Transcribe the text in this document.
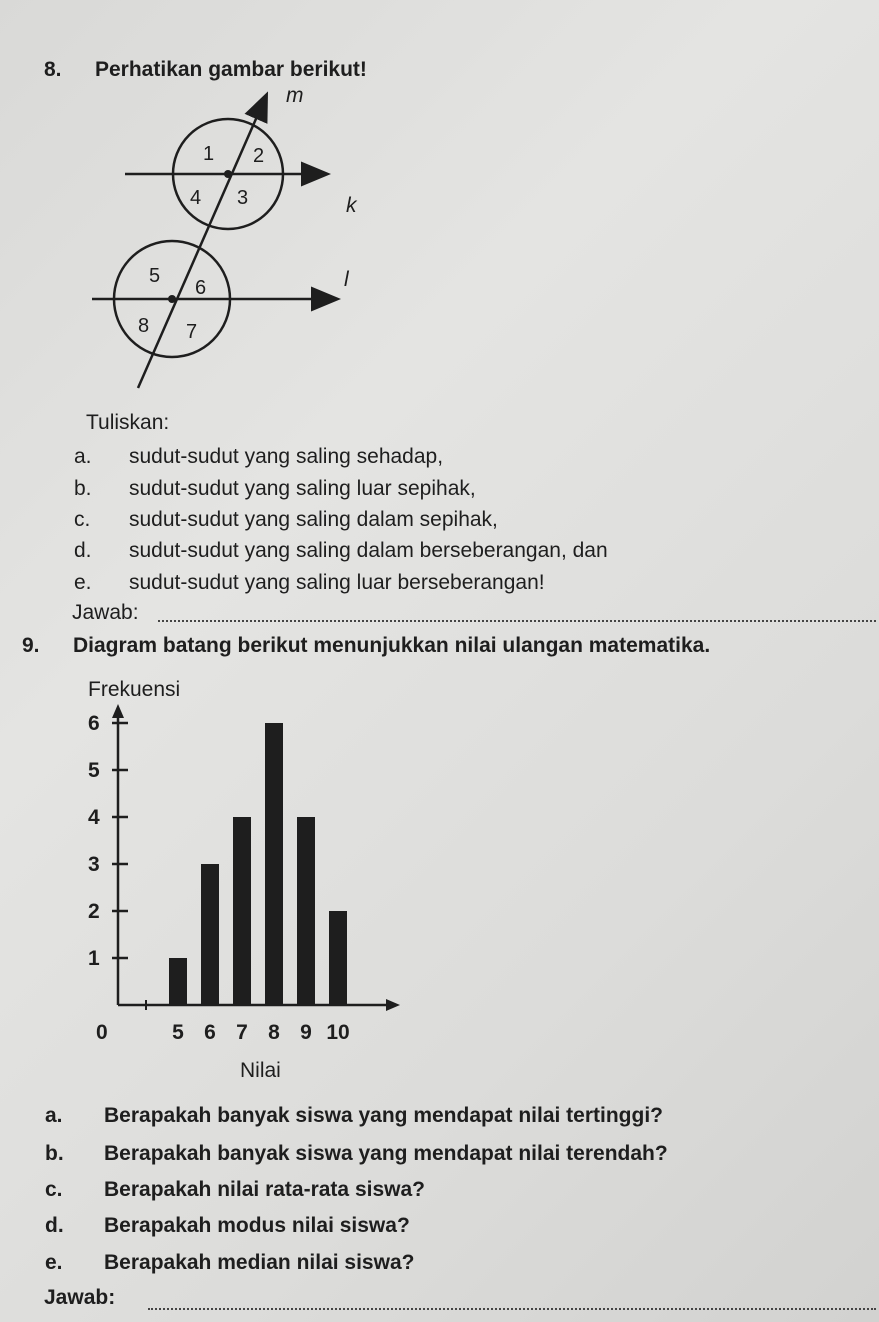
8. Perhatikan gambar berikut!
m
k
l
1 2
3
4
5
6
7
8
Tuliskan:
a. sudut-sudut yang saling sehadap,
b. sudut-sudut yang saling luar sepihak,
c. sudut-sudut yang saling dalam sepihak,
d. sudut-sudut yang saling dalam berseberangan, dan
e. sudut-sudut yang saling luar berseberangan!
Jawab:
9. Diagram batang berikut menunjukkan nilai ulangan matematika.
Frekuensi
0
1
2
3
4
5
6
5 6 7 8 9 10
Nilai
a. Berapakah banyak siswa yang mendapat nilai tertinggi?
b. Berapakah banyak siswa yang mendapat nilai terendah?
c. Berapakah nilai rata-rata siswa?
d. Berapakah modus nilai siswa?
e. Berapakah median nilai siswa?
Jawab:
